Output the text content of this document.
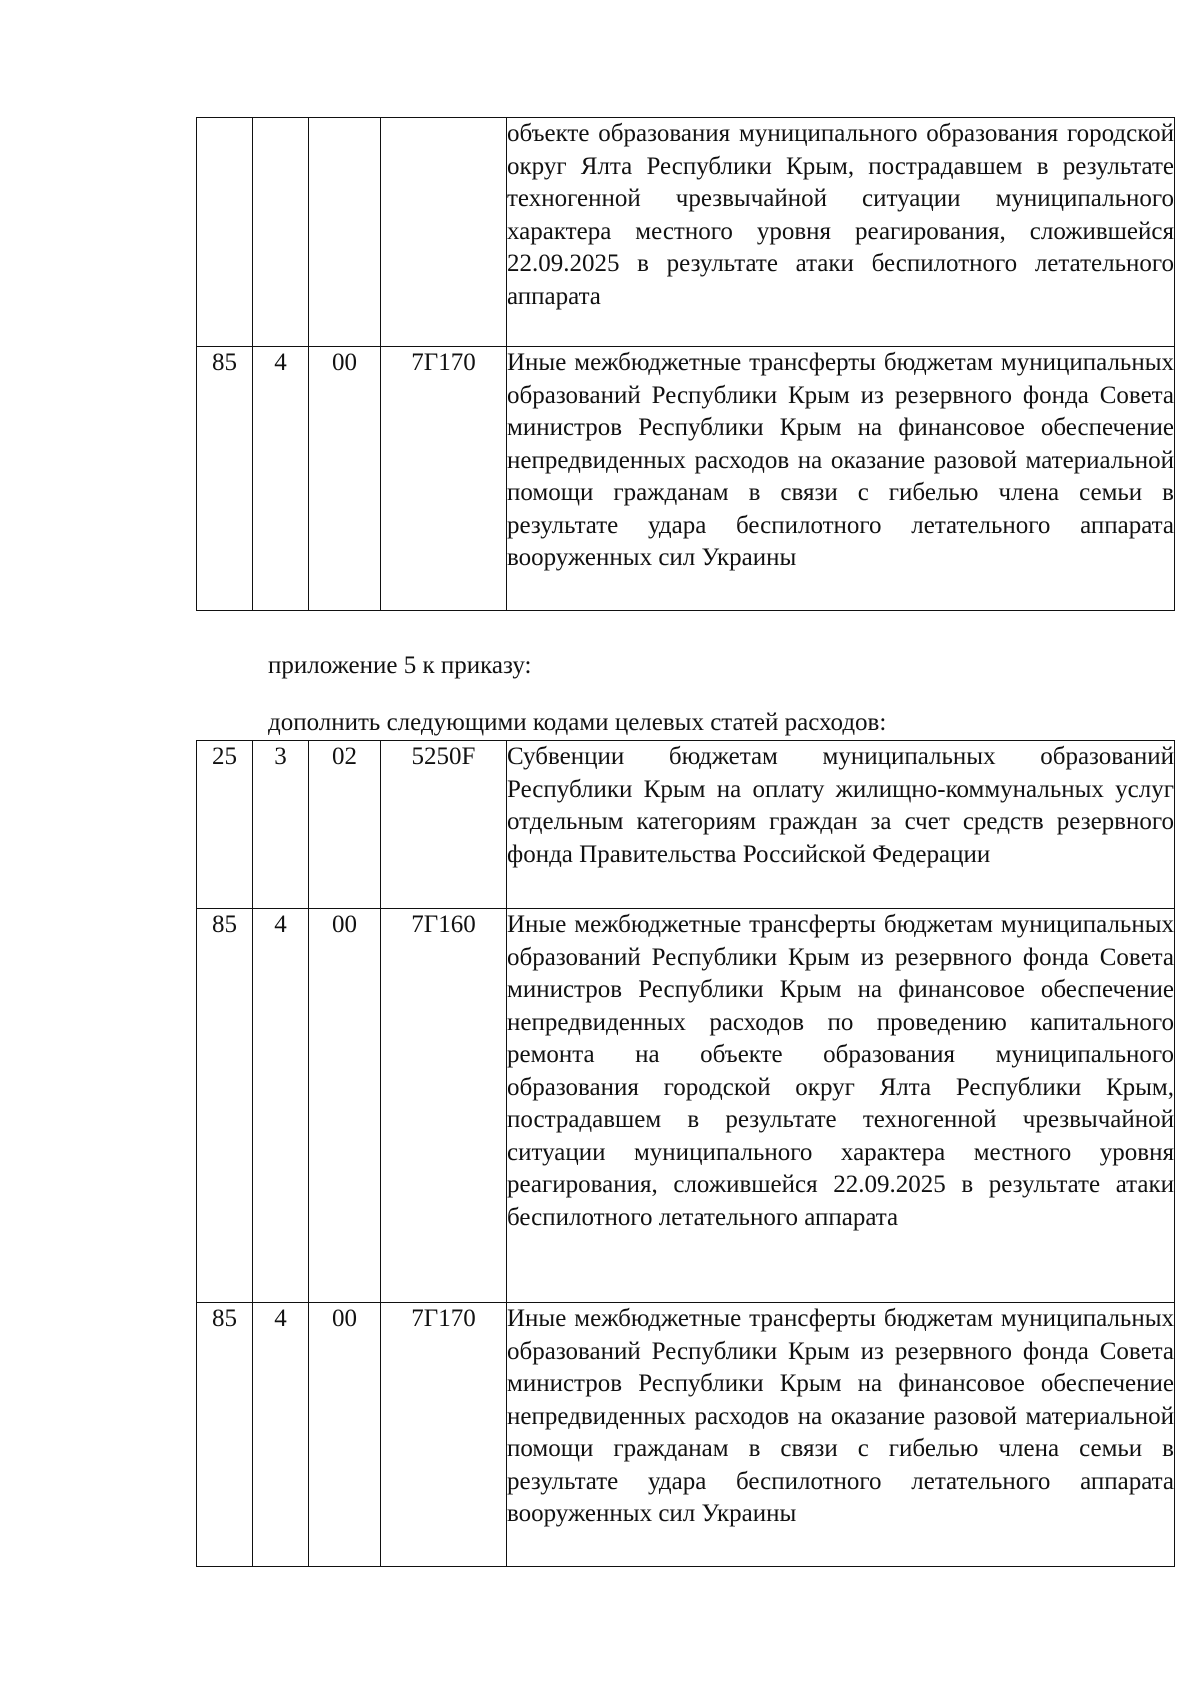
				объекте образования муниципального образования городской округ Ялта Республики Крым, пострадавшем в результате техногенной чрезвычайной ситуации муниципального характера местного уровня реагирования, сложившейся 22.09.2025 в результате атаки беспилотного летательного аппарата
85	4	00	7Г170	Иные межбюджетные трансферты бюджетам муниципальных образований Республики Крым из резервного фонда Совета министров Республики Крым на финансовое обеспечение непредвиденных расходов на оказание разовой материальной помощи гражданам в связи с гибелью члена семьи в результате удара беспилотного летательного аппарата вооруженных сил Украины
приложение 5 к приказу:
дополнить следующими кодами целевых статей расходов:
25	3	02	5250F	Субвенции бюджетам муниципальных образований Республики Крым на оплату жилищно-коммунальных услуг отдельным категориям граждан за счет средств резервного фонда Правительства Российской Федерации
85	4	00	7Г160	Иные межбюджетные трансферты бюджетам муниципальных образований Республики Крым из резервного фонда Совета министров Республики Крым на финансовое обеспечение непредвиденных расходов по проведению капитального ремонта на объекте образования муниципального образования городской округ Ялта Республики Крым, пострадавшем в результате техногенной чрезвычайной ситуации муниципального характера местного уровня реагирования, сложившейся 22.09.2025 в результате атаки беспилотного летательного аппарата
85	4	00	7Г170	Иные межбюджетные трансферты бюджетам муниципальных образований Республики Крым из резервного фонда Совета министров Республики Крым на финансовое обеспечение непредвиденных расходов на оказание разовой материальной помощи гражданам в связи с гибелью члена семьи в результате удара беспилотного летательного аппарата вооруженных сил Украины
